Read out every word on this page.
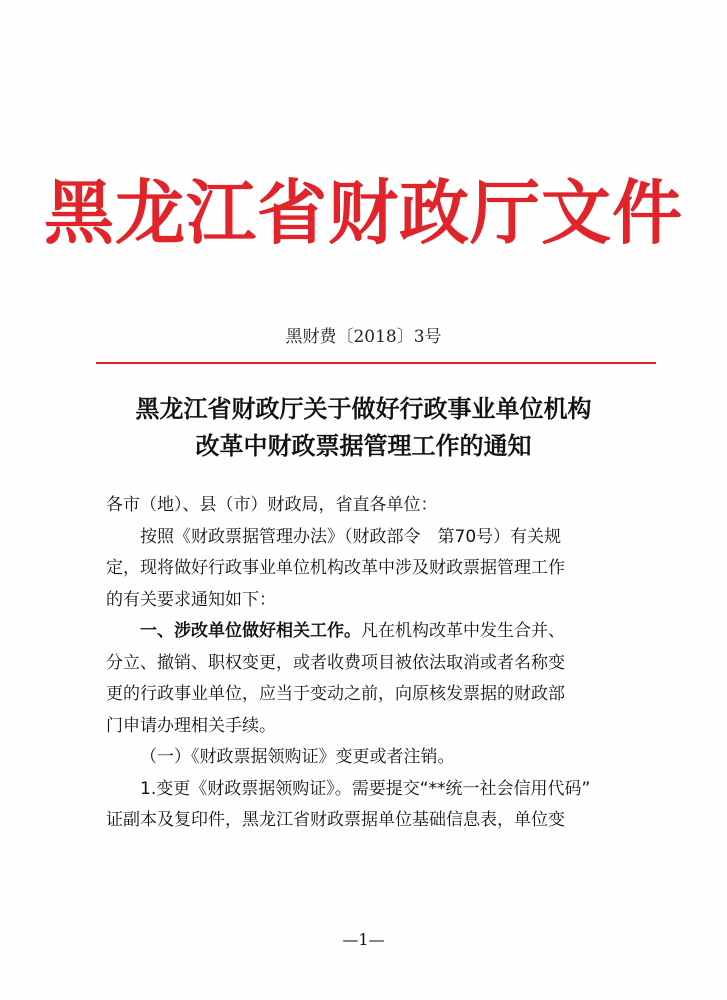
黑龙江省财政厅文件
黑财费〔2018〕3号
黑龙江省财政厅关于做好行政事业单位机构
改革中财政票据管理工作的通知
各市（地）、县（市）财政局，省直各单位：
按照《财政票据管理办法》（财政部令　第70号）有关规
定，现将做好行政事业单位机构改革中涉及财政票据管理工作
的有关要求通知如下：
一、涉改单位做好相关工作。凡在机构改革中发生合并、
分立、撤销、职权变更，或者收费项目被依法取消或者名称变
更的行政事业单位，应当于变动之前，向原核发票据的财政部
门申请办理相关手续。
（一）《财政票据领购证》变更或者注销。
1.变更《财政票据领购证》。需要提交“**统一社会信用代码”
证副本及复印件，黑龙江省财政票据单位基础信息表，单位变
—1—
